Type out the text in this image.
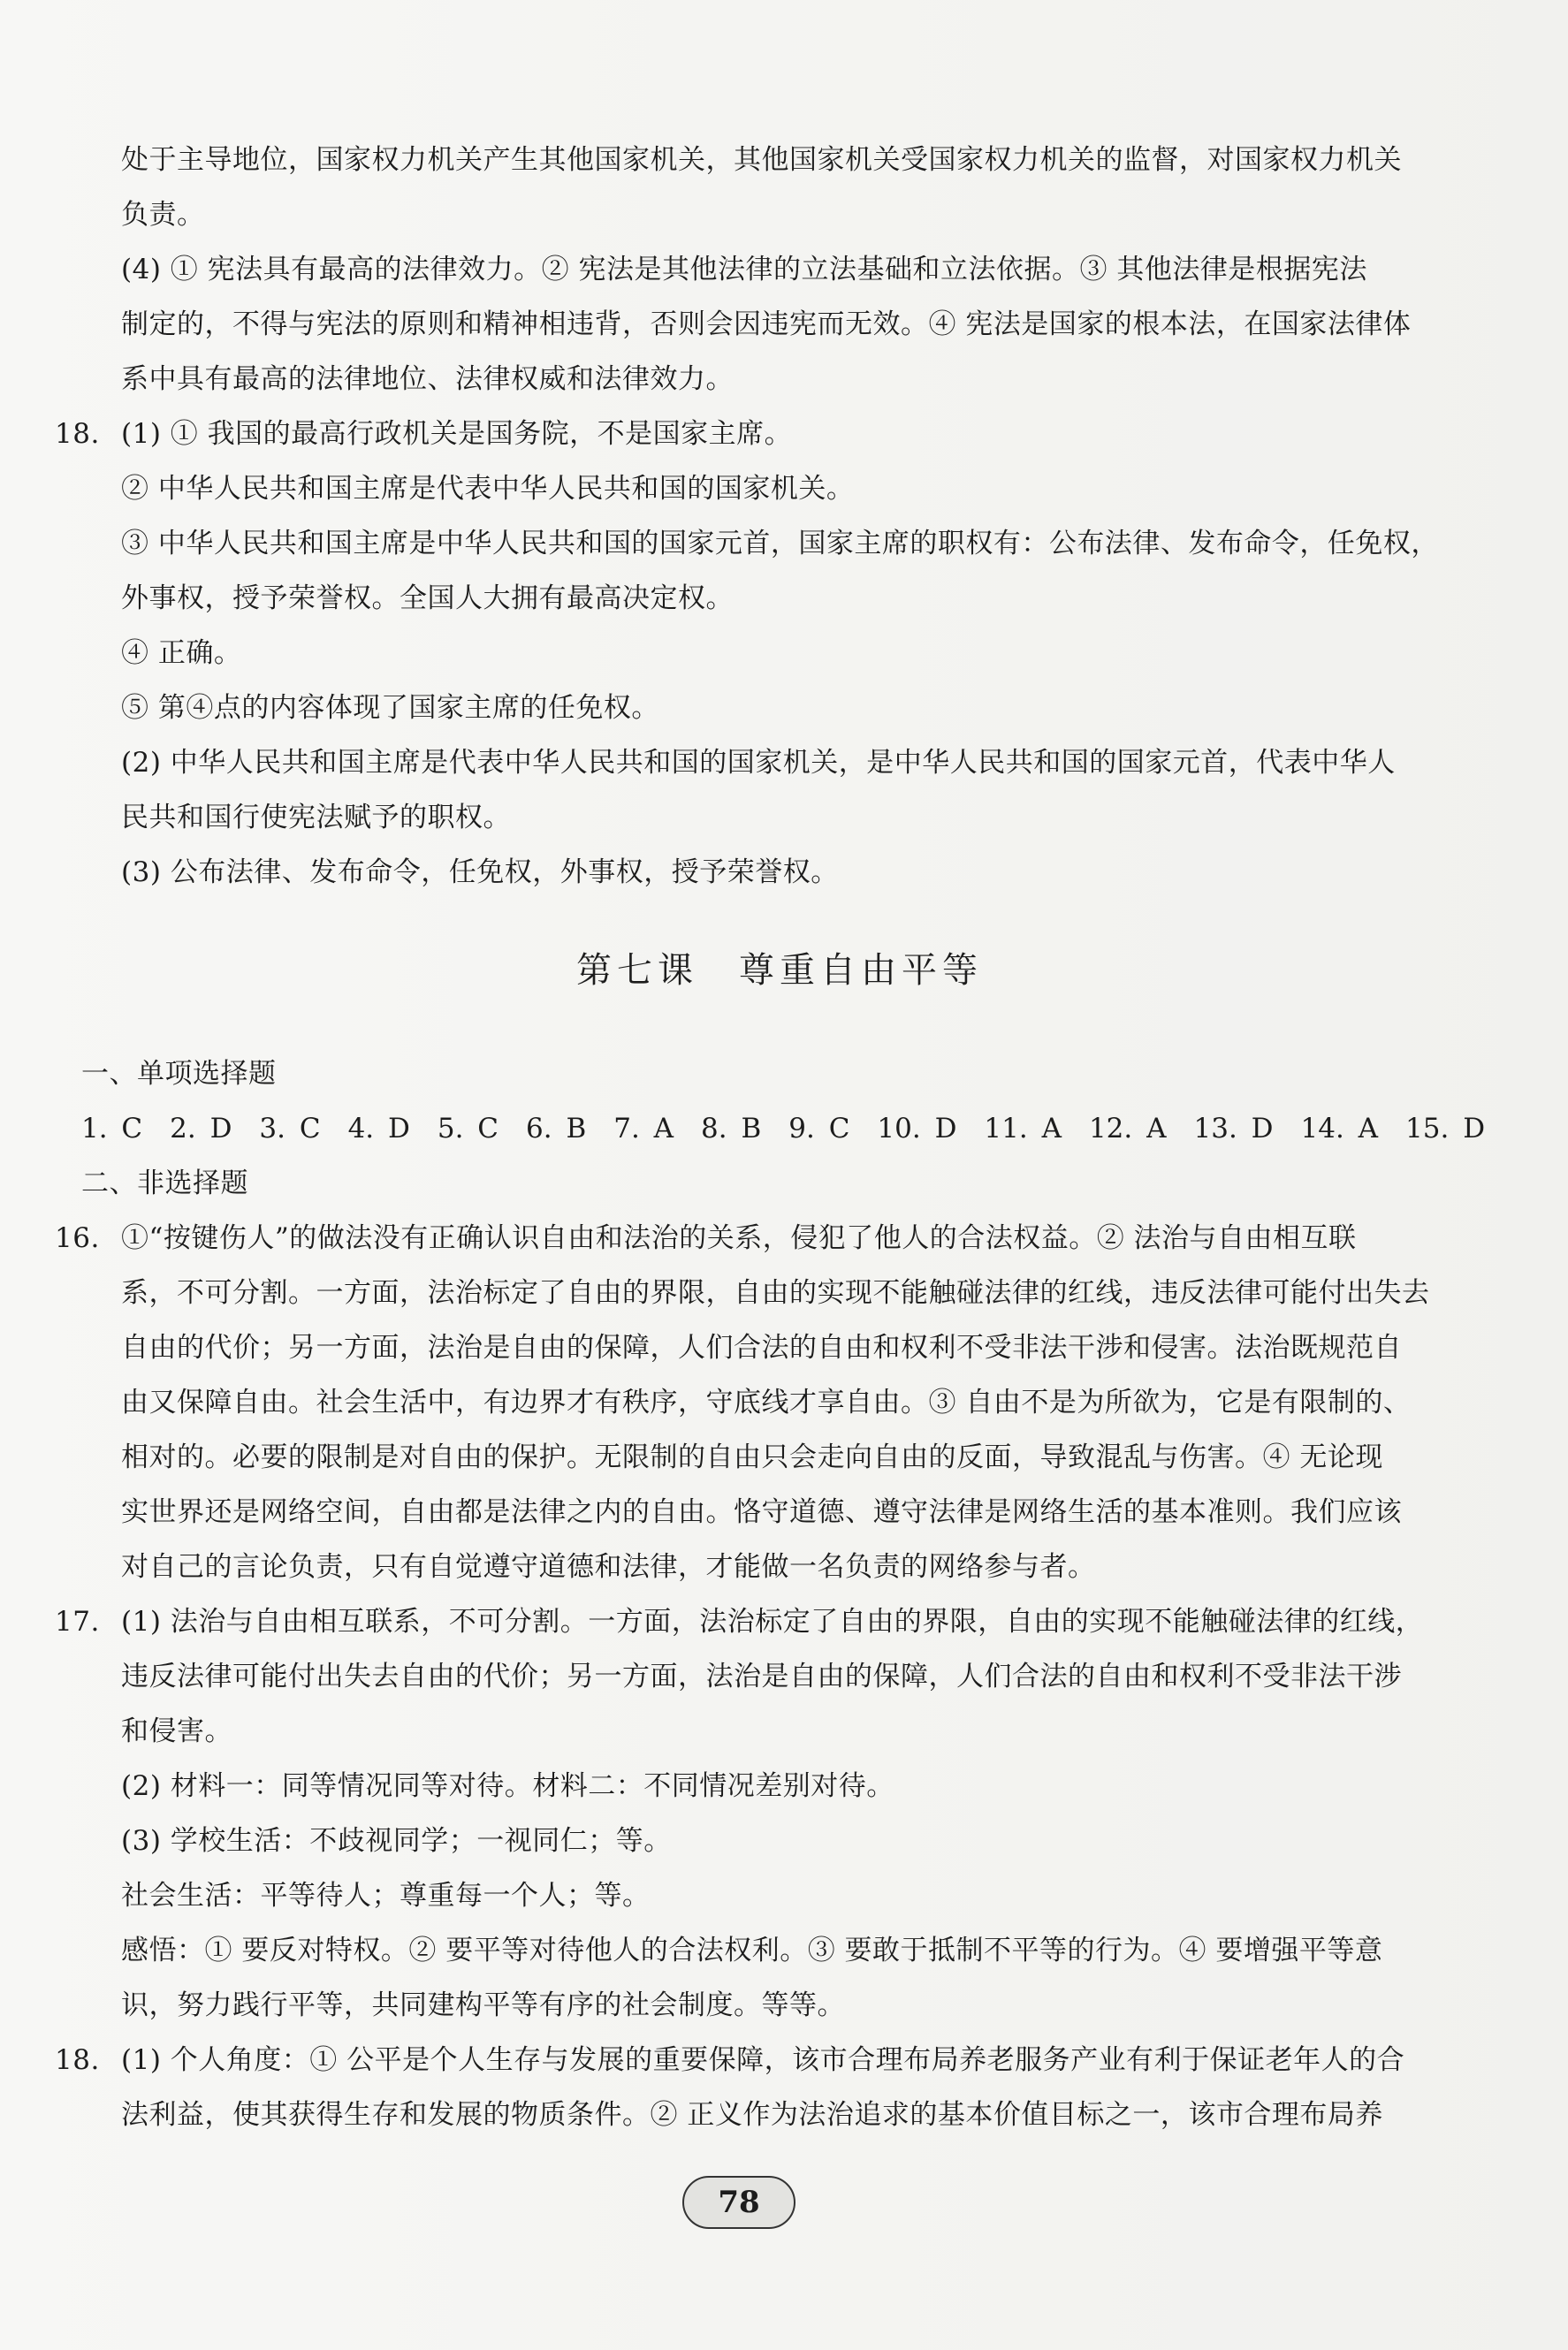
处于主导地位，国家权力机关产生其他国家机关，其他国家机关受国家权力机关的监督，对国家权力机关

负责。

(4) ① 宪法具有最高的法律效力。② 宪法是其他法律的立法基础和立法依据。③ 其他法律是根据宪法

制定的，不得与宪法的原则和精神相违背，否则会因违宪而无效。④ 宪法是国家的根本法，在国家法律体

系中具有最高的法律地位、法律权威和法律效力。

18. (1) ① 我国的最高行政机关是国务院，不是国家主席。

② 中华人民共和国主席是代表中华人民共和国的国家机关。

③ 中华人民共和国主席是中华人民共和国的国家元首，国家主席的职权有：公布法律、发布命令，任免权，

外事权，授予荣誉权。全国人大拥有最高决定权。

④ 正确。

⑤ 第④点的内容体现了国家主席的任免权。

(2) 中华人民共和国主席是代表中华人民共和国的国家机关，是中华人民共和国的国家元首，代表中华人

民共和国行使宪法赋予的职权。

(3) 公布法律、发布命令，任免权，外事权，授予荣誉权。

第七课　尊重自由平等

一、单项选择题

1. C　2. D　3. C　4. D　5. C　6. B　7. A　8. B　9. C　10. D　11. A　12. A　13. D　14. A　15. D

二、非选择题

16. ①“按键伤人”的做法没有正确认识自由和法治的关系，侵犯了他人的合法权益。② 法治与自由相互联

系，不可分割。一方面，法治标定了自由的界限，自由的实现不能触碰法律的红线，违反法律可能付出失去

自由的代价；另一方面，法治是自由的保障，人们合法的自由和权利不受非法干涉和侵害。法治既规范自

由又保障自由。社会生活中，有边界才有秩序，守底线才享自由。③ 自由不是为所欲为，它是有限制的、

相对的。必要的限制是对自由的保护。无限制的自由只会走向自由的反面，导致混乱与伤害。④ 无论现

实世界还是网络空间，自由都是法律之内的自由。恪守道德、遵守法律是网络生活的基本准则。我们应该

对自己的言论负责，只有自觉遵守道德和法律，才能做一名负责的网络参与者。

17. (1) 法治与自由相互联系，不可分割。一方面，法治标定了自由的界限，自由的实现不能触碰法律的红线，

违反法律可能付出失去自由的代价；另一方面，法治是自由的保障，人们合法的自由和权利不受非法干涉

和侵害。

(2) 材料一：同等情况同等对待。材料二：不同情况差别对待。

(3) 学校生活：不歧视同学；一视同仁；等。

社会生活：平等待人；尊重每一个人；等。

感悟：① 要反对特权。② 要平等对待他人的合法权利。③ 要敢于抵制不平等的行为。④ 要增强平等意

识，努力践行平等，共同建构平等有序的社会制度。等等。

18. (1) 个人角度：① 公平是个人生存与发展的重要保障，该市合理布局养老服务产业有利于保证老年人的合

法利益，使其获得生存和发展的物质条件。② 正义作为法治追求的基本价值目标之一，该市合理布局养

78
